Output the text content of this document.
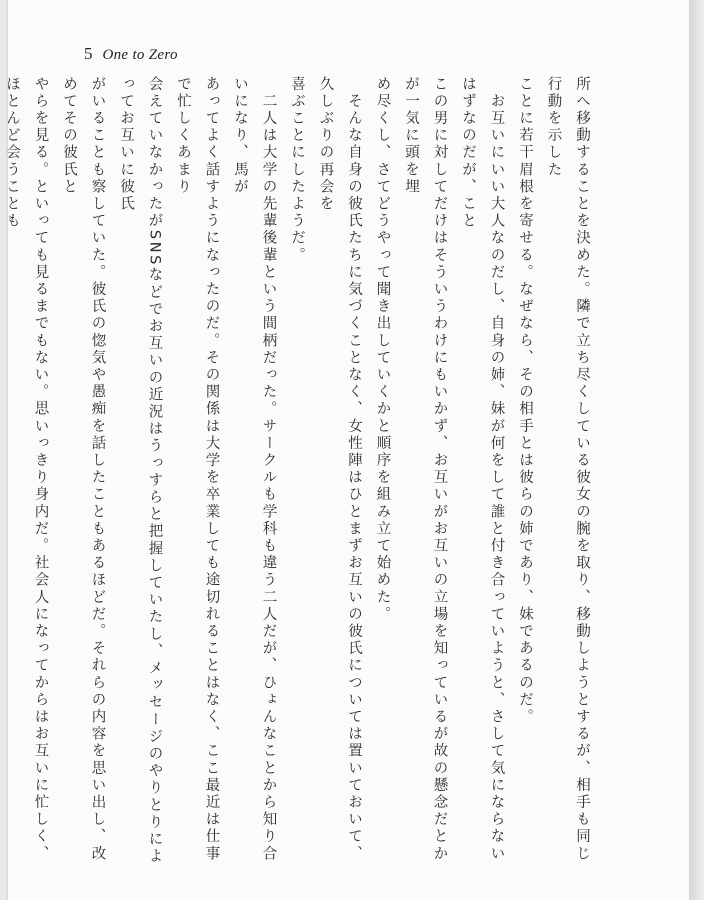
5 One to Zero

所へ移動することを決めた。隣で立ち尽くしている彼女の腕を取り、移動しようとするが、相手も同じ行動を示した
ことに若干眉根を寄せる。なぜなら、その相手とは彼らの姉であり、妹であるのだ。

　お互いにいい大人なのだし、自身の姉、妹が何をして誰と付き合っていようと、さして気にならないはずなのだが、こと
この男に対してだけはそういうわけにもいかず、お互いがお互いの立場を知っているが故の懸念だとかが一気に頭を埋
め尽くし、さてどうやって聞き出していくかと順序を組み立て始めた。

　そんな自身の彼氏たちに気づくことなく、女性陣はひとまずお互いの彼氏については置いておいて、久しぶりの再会を
喜ぶことにしたようだ。

　二人は大学の先輩後輩という間柄だった。サークルも学科も違う二人だが、ひょんなことから知り合いになり、馬が
あってよく話すようになったのだ。その関係は大学を卒業しても途切れることはなく、ここ最近は仕事で忙しくあまり
会えていなかったがSNSなどでお互いの近況はうっすらと把握していたし、メッセージのやりとりによってお互いに彼氏
がいることも察していた。彼氏の惚気や愚痴を話したこともあるほどだ。それらの内容を思い出し、改めてその彼氏と
やらを見る。といっても見るまでもない。思いっきり身内だ。社会人になってからはお互いに忙しく、ほとんど会うことも
